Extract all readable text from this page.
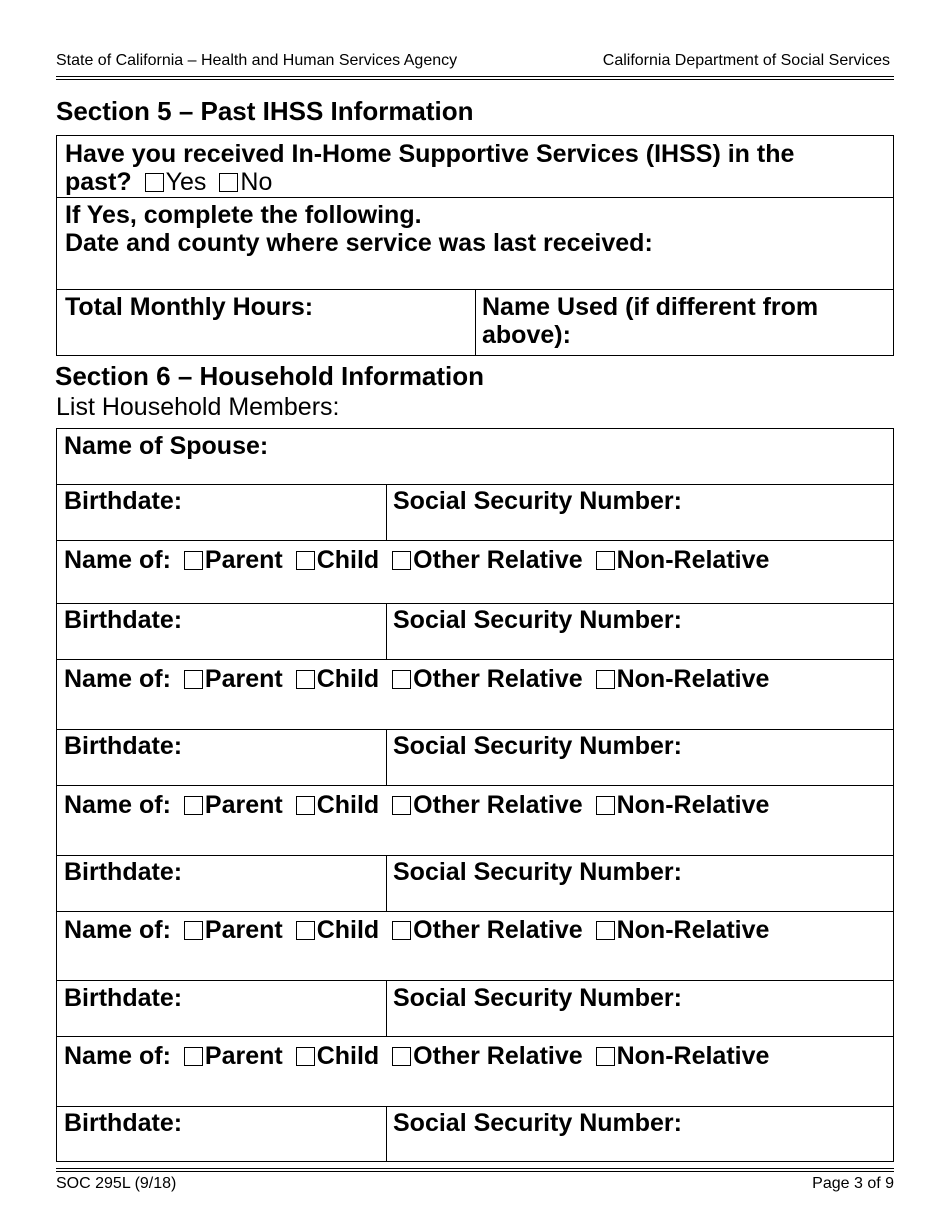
State of California – Health and Human Services Agency	California Department of Social Services
Section 5 – Past IHSS Information
Have you received In-Home Supportive Services (IHSS) in the
past? Yes No
If Yes, complete the following.
Date and county where service was last received:
Total Monthly Hours:	Name Used (if different from
above):
Section 6 – Household Information
List Household Members:
Name of Spouse:
Birthdate:	Social Security Number:
Name of: Parent Child Other Relative Non-Relative
Birthdate:	Social Security Number:
Name of: Parent Child Other Relative Non-Relative
Birthdate:	Social Security Number:
Name of: Parent Child Other Relative Non-Relative
Birthdate:	Social Security Number:
Name of: Parent Child Other Relative Non-Relative
Birthdate:	Social Security Number:
Name of: Parent Child Other Relative Non-Relative
Birthdate:	Social Security Number:
SOC 295L (9/18)	Page 3 of 9
